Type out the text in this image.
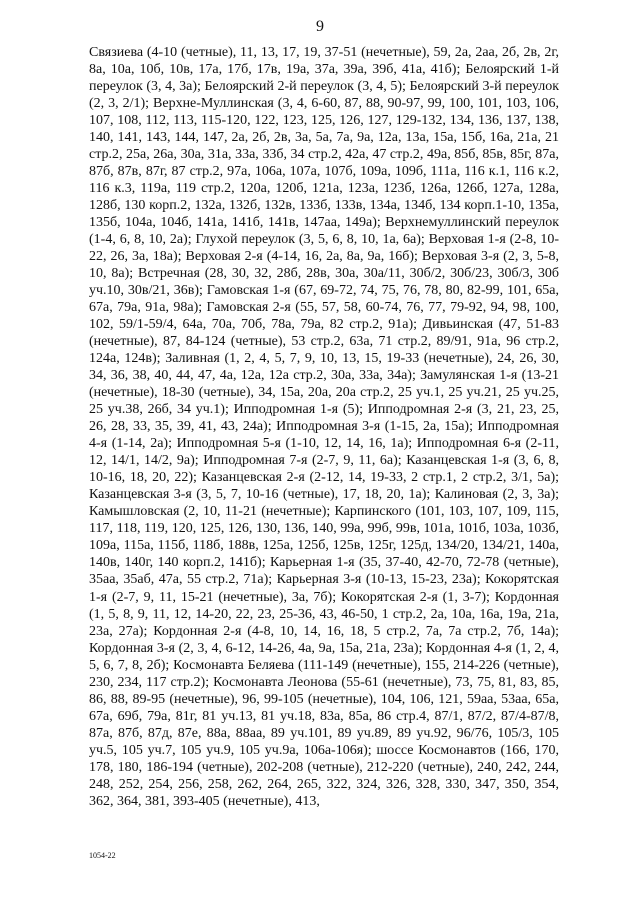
9

Связиева (4-10 (четные), 11, 13, 17, 19, 37-51 (нечетные), 59, 2а, 2аа, 2б, 2в, 2г, 8а, 10а, 10б, 10в, 17а, 17б, 17в, 19а, 37а, 39а, 39б, 41а, 41б); Белоярский 1-й переулок (3, 4, 3а); Белоярский 2-й переулок (3, 4, 5); Белоярский 3-й переулок (2, 3, 2/1); Верхне-Муллинская (3, 4, 6-60, 87, 88, 90-97, 99, 100, 101, 103, 106, 107, 108, 112, 113, 115-120, 122, 123, 125, 126, 127, 129-132, 134, 136, 137, 138, 140, 141, 143, 144, 147, 2а, 2б, 2в, 3а, 5а, 7а, 9а, 12а, 13а, 15а, 15б, 16а, 21а, 21 стр.2, 25а, 26а, 30а, 31а, 33а, 33б, 34 стр.2, 42а, 47 стр.2, 49а, 85б, 85в, 85г, 87а, 87б, 87в, 87г, 87 стр.2, 97а, 106а, 107а, 107б, 109а, 109б, 111а, 116 к.1, 116 к.2, 116 к.3, 119а, 119 стр.2, 120а, 120б, 121а, 123а, 123б, 126а, 126б, 127а, 128а, 128б, 130 корп.2, 132а, 132б, 132в, 133б, 133в, 134а, 134б, 134 корп.1-10, 135а, 135б, 104а, 104б, 141а, 141б, 141в, 147аа, 149а); Верхнемуллинский переулок (1-4, 6, 8, 10, 2а); Глухой переулок (3, 5, 6, 8, 10, 1а, 6а); Верховая 1-я (2-8, 10-22, 26, 3а, 18а); Верховая 2-я (4-14, 16, 2а, 8а, 9а, 16б); Верховая 3-я (2, 3, 5-8, 10, 8а); Встречная (28, 30, 32, 28б, 28в, 30а, 30а/11, 30б/2, 30б/23, 30б/3, 30б уч.10, 30в/21, 36в); Гамовская 1-я (67, 69-72, 74, 75, 76, 78, 80, 82-99, 101, 65а, 67а, 79а, 91а, 98а); Гамовская 2-я (55, 57, 58, 60-74, 76, 77, 79-92, 94, 98, 100, 102, 59/1-59/4, 64а, 70а, 70б, 78а, 79а, 82 стр.2, 91а); Дивьинская (47, 51-83 (нечетные), 87, 84-124 (четные), 53 стр.2, 63а, 71 стр.2, 89/91, 91а, 96 стр.2, 124а, 124в); Заливная (1, 2, 4, 5, 7, 9, 10, 13, 15, 19-33 (нечетные), 24, 26, 30, 34, 36, 38, 40, 44, 47, 4а, 12а, 12а стр.2, 30а, 33а, 34а); Замулянская 1-я (13-21 (нечетные), 18-30 (четные), 34, 15а, 20а, 20а стр.2, 25 уч.1, 25 уч.21, 25 уч.25, 25 уч.38, 26б, 34 уч.1); Ипподромная 1-я (5); Ипподромная 2-я (3, 21, 23, 25, 26, 28, 33, 35, 39, 41, 43, 24а); Ипподромная 3-я (1-15, 2а, 15а); Ипподромная 4-я (1-14, 2а); Ипподромная 5-я (1-10, 12, 14, 16, 1а); Ипподромная 6-я (2-11, 12, 14/1, 14/2, 9а); Ипподромная 7-я (2-7, 9, 11, 6а); Казанцевская 1-я (3, 6, 8, 10-16, 18, 20, 22); Казанцевская 2-я (2-12, 14, 19-33, 2 стр.1, 2 стр.2, 3/1, 5а); Казанцевская 3-я (3, 5, 7, 10-16 (четные), 17, 18, 20, 1а); Калиновая (2, 3, 3а); Камышловская (2, 10, 11-21 (нечетные); Карпинского (101, 103, 107, 109, 115, 117, 118, 119, 120, 125, 126, 130, 136, 140, 99а, 99б, 99в, 101а, 101б, 103а, 103б, 109а, 115а, 115б, 118б, 188в, 125а, 125б, 125в, 125г, 125д, 134/20, 134/21, 140а, 140в, 140г, 140 корп.2, 141б); Карьерная 1-я (35, 37-40, 42-70, 72-78 (четные), 35аа, 35аб, 47а, 55 стр.2, 71а); Карьерная 3-я (10-13, 15-23, 23а); Кокорятская 1-я (2-7, 9, 11, 15-21 (нечетные), 3а, 7б); Кокорятская 2-я (1, 3-7); Кордонная (1, 5, 8, 9, 11, 12, 14-20, 22, 23, 25-36, 43, 46-50, 1 стр.2, 2а, 10а, 16а, 19а, 21а, 23а, 27а); Кордонная 2-я (4-8, 10, 14, 16, 18, 5 стр.2, 7а, 7а стр.2, 7б, 14а); Кордонная 3-я (2, 3, 4, 6-12, 14-26, 4а, 9а, 15а, 21а, 23а); Кордонная 4-я (1, 2, 4, 5, 6, 7, 8, 2б); Космонавта Беляева (111-149 (нечетные), 155, 214-226 (четные), 230, 234, 117 стр.2); Космонавта Леонова (55-61 (нечетные), 73, 75, 81, 83, 85, 86, 88, 89-95 (нечетные), 96, 99-105 (нечетные), 104, 106, 121, 59аа, 53аа, 65а, 67а, 69б, 79а, 81г, 81 уч.13, 81 уч.18, 83а, 85а, 86 стр.4, 87/1, 87/2, 87/4-87/8, 87а, 87б, 87д, 87е, 88а, 88аа, 89 уч.101, 89 уч.89, 89 уч.92, 96/76, 105/3, 105 уч.5, 105 уч.7, 105 уч.9, 105 уч.9а, 106а-106я); шоссе Космонавтов (166, 170, 178, 180, 186-194 (четные), 202-208 (четные), 212-220 (четные), 240, 242, 244, 248, 252, 254, 256, 258, 262, 264, 265, 322, 324, 326, 328, 330, 347, 350, 354, 362, 364, 381, 393-405 (нечетные), 413,

1054-22
